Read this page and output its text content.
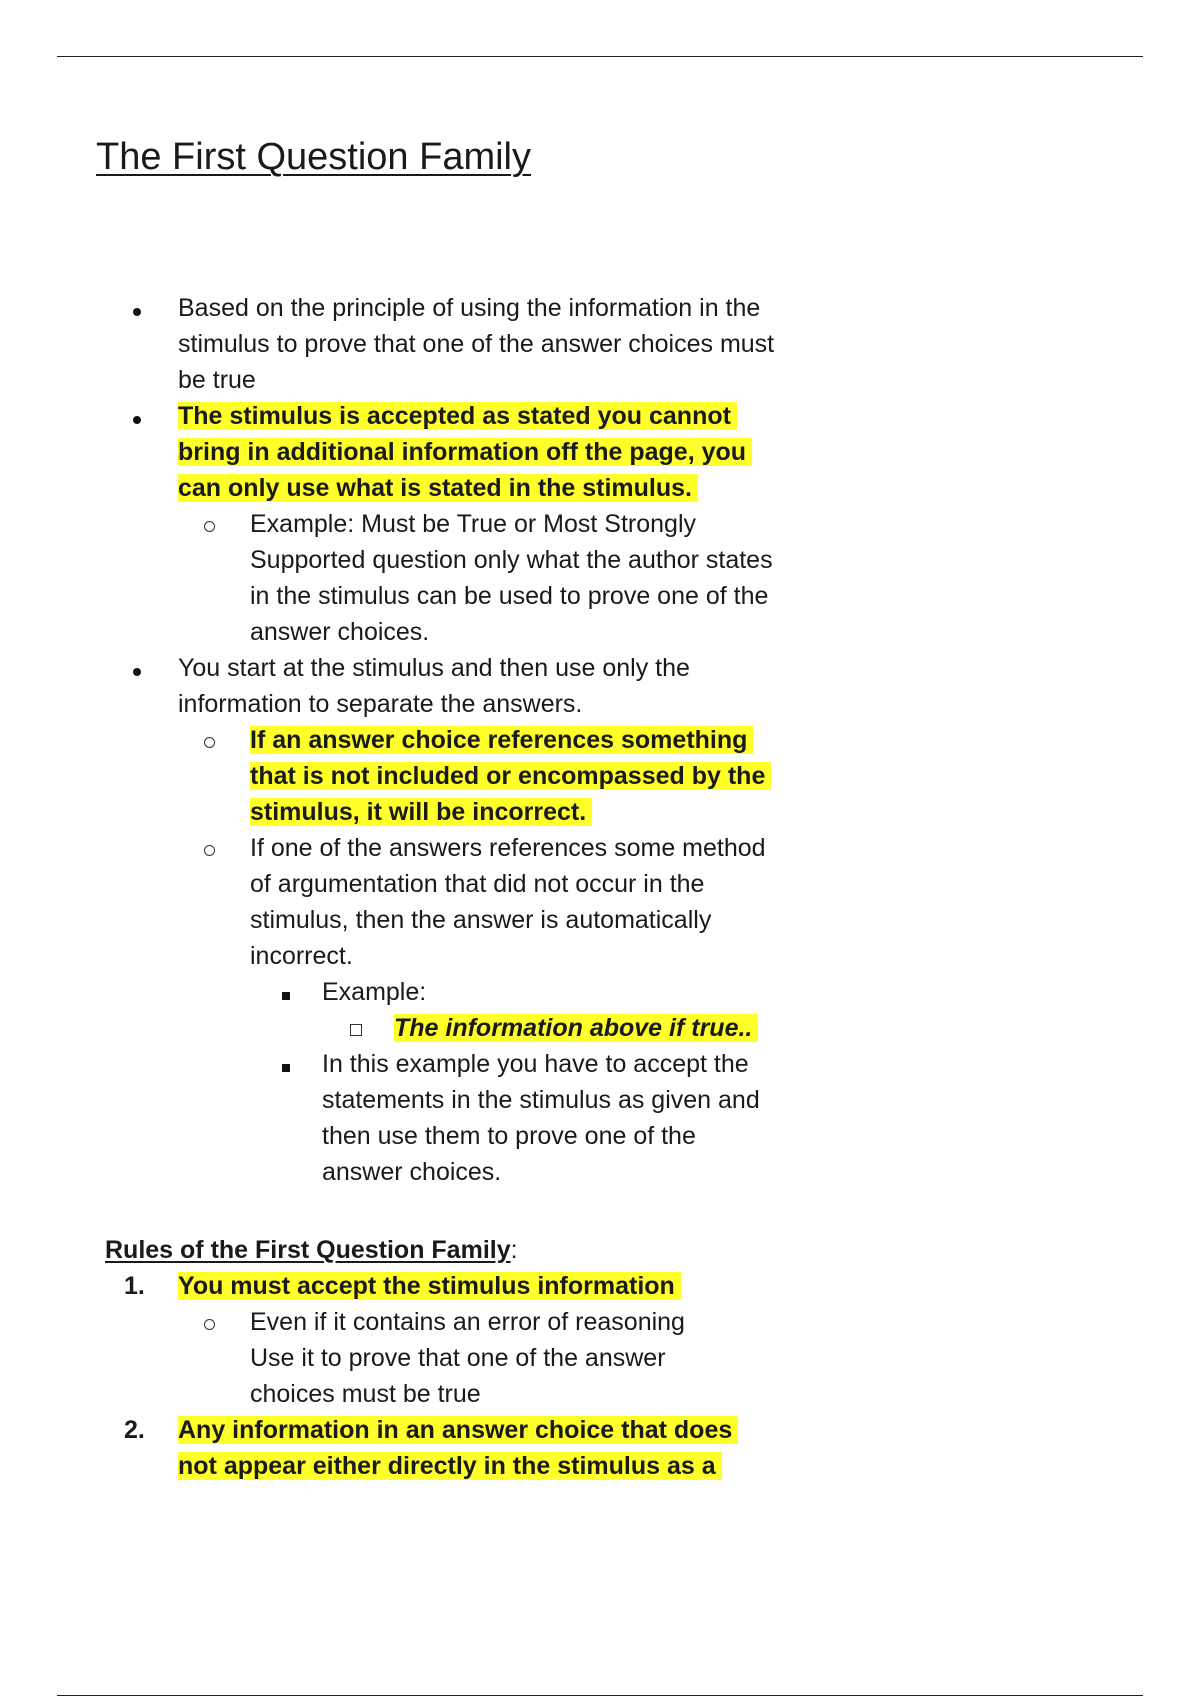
The First Question Family
Based on the principle of using the information in the stimulus to prove that one of the answer choices must be true
The stimulus is accepted as stated you cannot bring in additional information off the page, you can only use what is stated in the stimulus.
Example: Must be True or Most Strongly Supported question only what the author states in the stimulus can be used to prove one of the answer choices.
You start at the stimulus and then use only the information to separate the answers.
If an answer choice references something that is not included or encompassed by the stimulus, it will be incorrect.
If one of the answers references some method of argumentation that did not occur in the stimulus, then the answer is automatically incorrect.
Example:
The information above if true..
In this example you have to accept the statements in the stimulus as given and then use them to prove one of the answer choices.
Rules of the First Question Family:
1. You must accept the stimulus information
Even if it contains an error of reasoning Use it to prove that one of the answer choices must be true
2. Any information in an answer choice that does not appear either directly in the stimulus as a
